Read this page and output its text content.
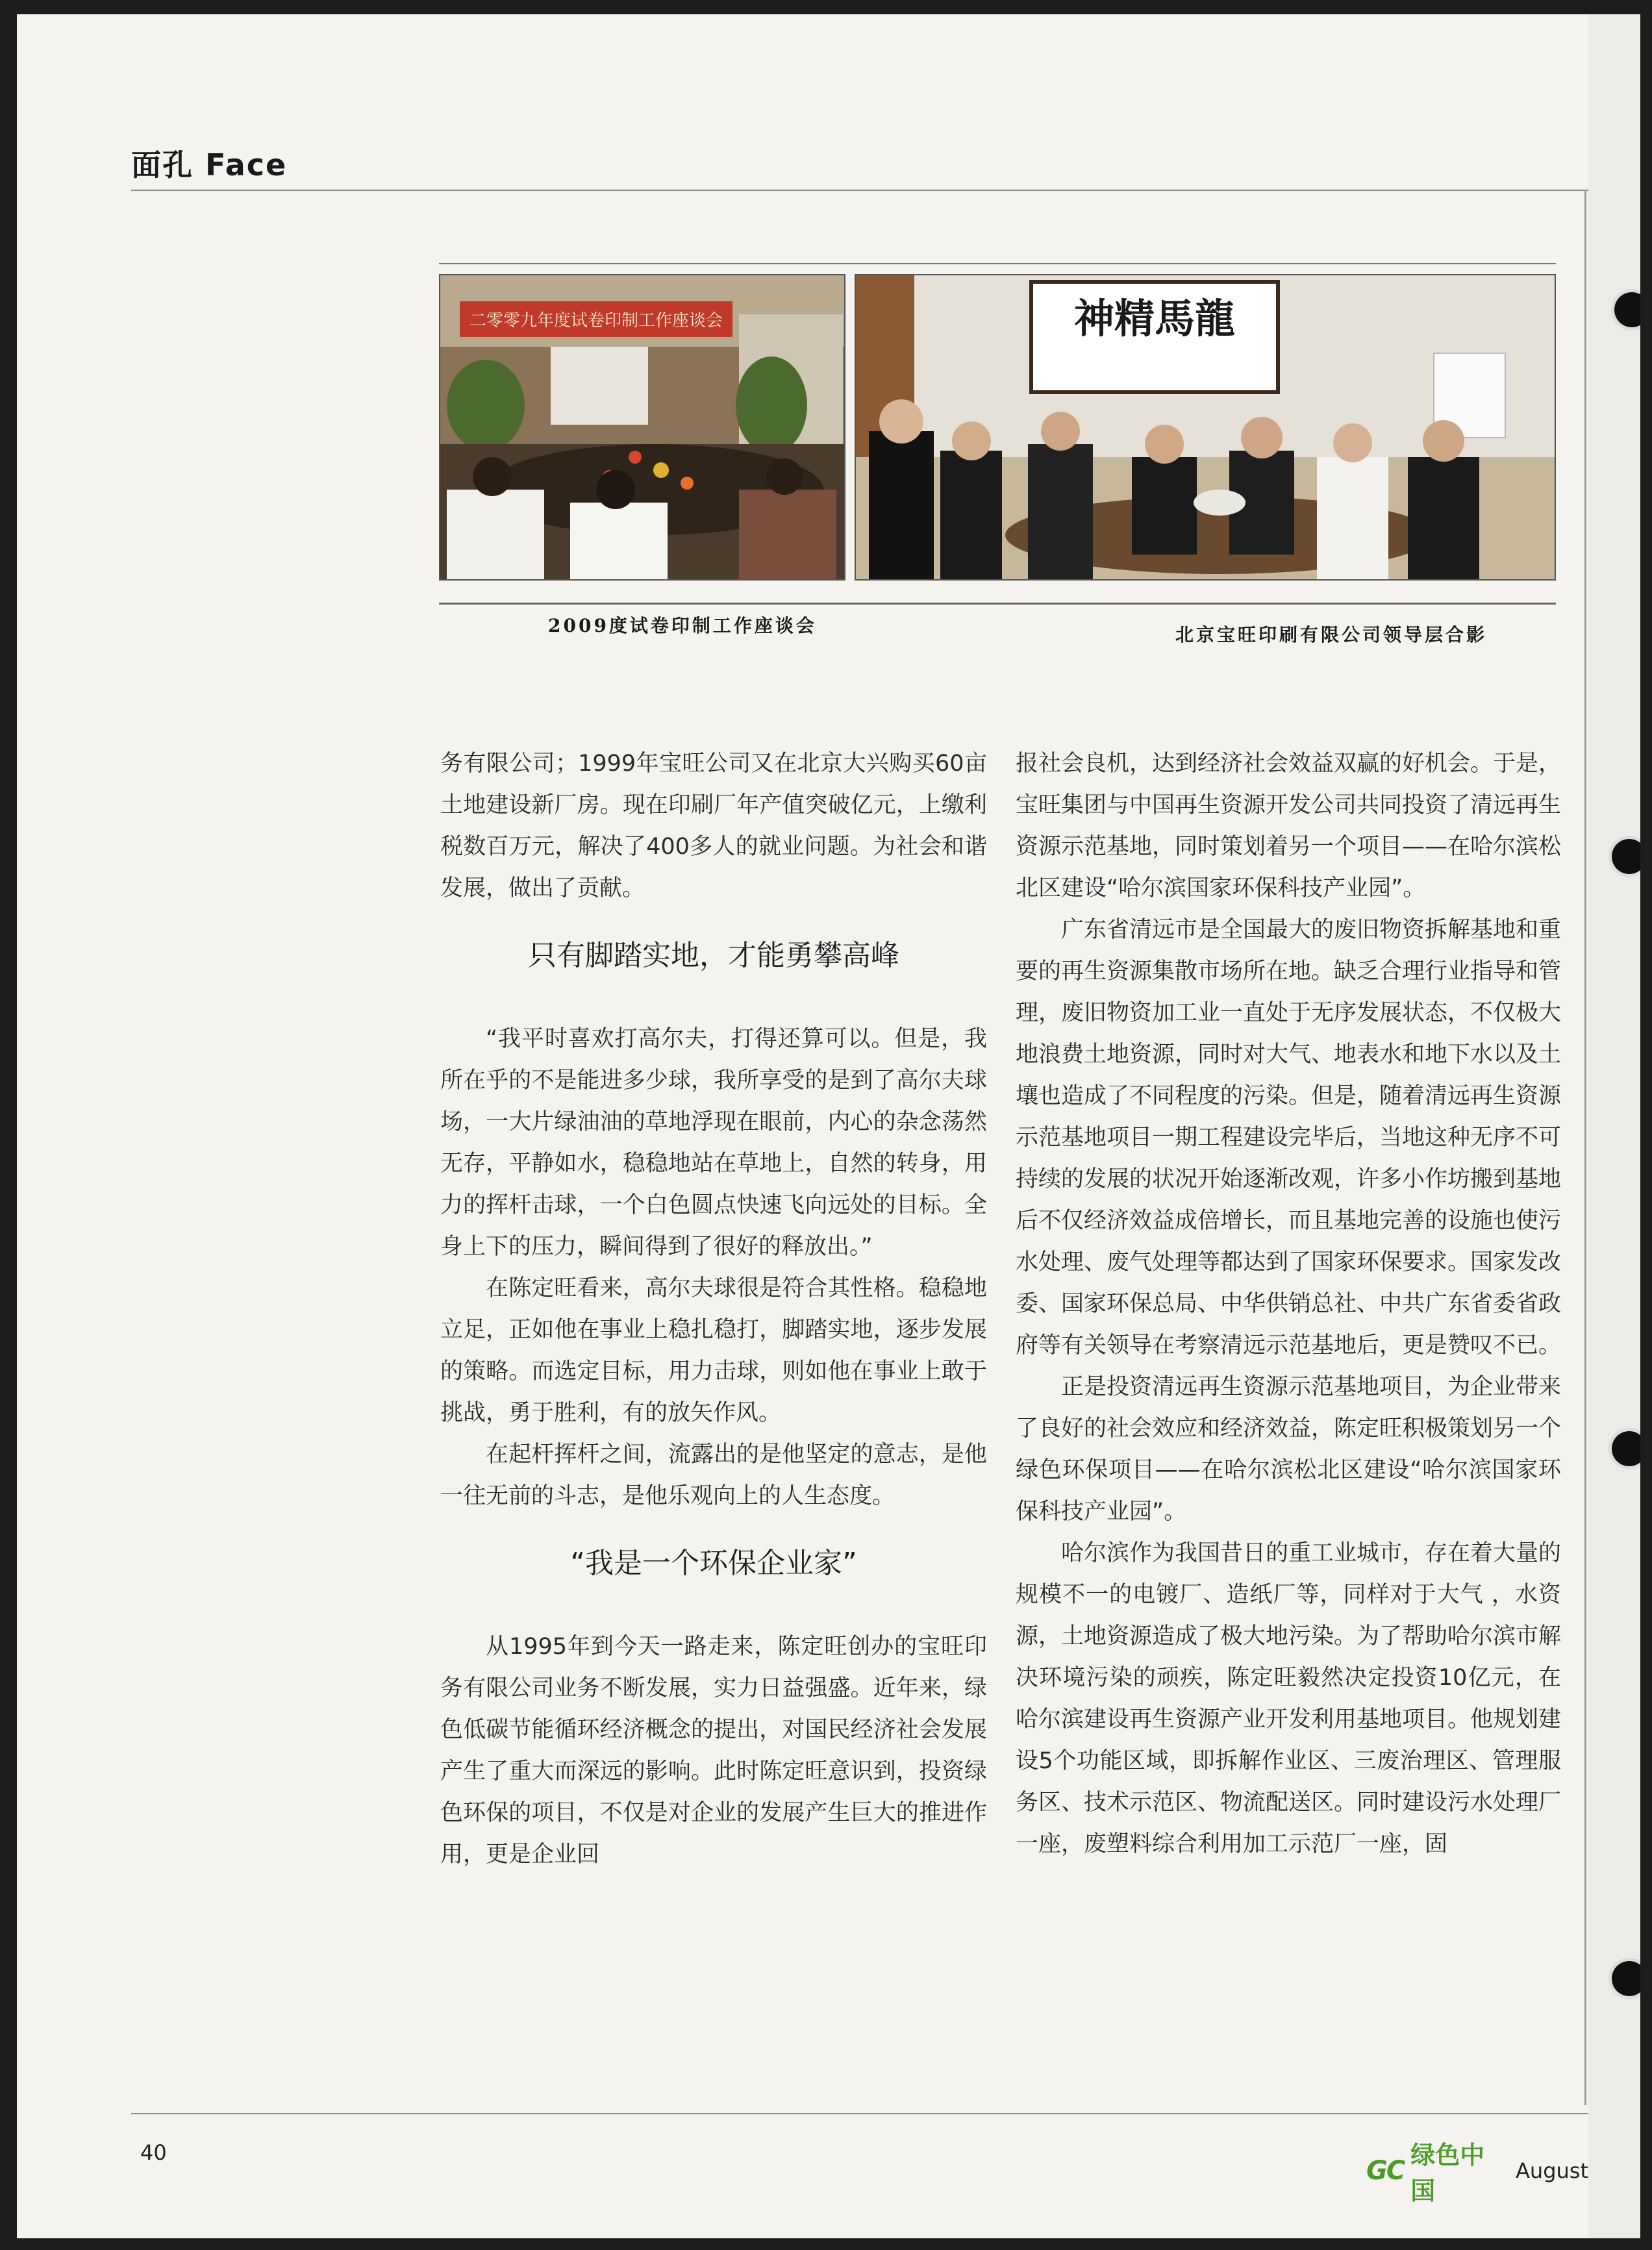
面孔 Face
二零零九年度试卷印制工作座谈会	神精馬龍
2009度试卷印制工作座谈会	北京宝旺印刷有限公司领导层合影

务有限公司；1999年宝旺公司又在北京大兴购买60亩土地建设新厂房。现在印刷厂年产值突破亿元，上缴利税数百万元，解决了400多人的就业问题。为社会和谐发展，做出了贡献。

只有脚踏实地，才能勇攀高峰

“我平时喜欢打高尔夫，打得还算可以。但是，我所在乎的不是能进多少球，我所享受的是到了高尔夫球场，一大片绿油油的草地浮现在眼前，内心的杂念荡然无存，平静如水，稳稳地站在草地上，自然的转身，用力的挥杆击球，一个白色圆点快速飞向远处的目标。全身上下的压力，瞬间得到了很好的释放出。”

在陈定旺看来，高尔夫球很是符合其性格。稳稳地立足，正如他在事业上稳扎稳打，脚踏实地，逐步发展的策略。而选定目标，用力击球，则如他在事业上敢于挑战，勇于胜利，有的放矢作风。

在起杆挥杆之间，流露出的是他坚定的意志，是他一往无前的斗志，是他乐观向上的人生态度。

“我是一个环保企业家”

从1995年到今天一路走来，陈定旺创办的宝旺印务有限公司业务不断发展，实力日益强盛。近年来，绿色低碳节能循环经济概念的提出，对国民经济社会发展产生了重大而深远的影响。此时陈定旺意识到，投资绿色环保的项目，不仅是对企业的发展产生巨大的推进作用，更是企业回

报社会良机，达到经济社会效益双赢的好机会。于是，宝旺集团与中国再生资源开发公司共同投资了清远再生资源示范基地，同时策划着另一个项目——在哈尔滨松北区建设“哈尔滨国家环保科技产业园”。

广东省清远市是全国最大的废旧物资拆解基地和重要的再生资源集散市场所在地。缺乏合理行业指导和管理，废旧物资加工业一直处于无序发展状态，不仅极大地浪费土地资源，同时对大气、地表水和地下水以及土壤也造成了不同程度的污染。但是，随着清远再生资源示范基地项目一期工程建设完毕后，当地这种无序不可持续的发展的状况开始逐渐改观，许多小作坊搬到基地后不仅经济效益成倍增长，而且基地完善的设施也使污水处理、废气处理等都达到了国家环保要求。国家发改委、国家环保总局、中华供销总社、中共广东省委省政府等有关领导在考察清远示范基地后，更是赞叹不已。

正是投资清远再生资源示范基地项目，为企业带来了良好的社会效应和经济效益，陈定旺积极策划另一个绿色环保项目——在哈尔滨松北区建设“哈尔滨国家环保科技产业园”。

哈尔滨作为我国昔日的重工业城市，存在着大量的规模不一的电镀厂、造纸厂等，同样对于大气 ，水资源，土地资源造成了极大地污染。为了帮助哈尔滨市解决环境污染的顽疾，陈定旺毅然决定投资10亿元，在哈尔滨建设再生资源产业开发利用基地项目。他规划建设5个功能区域，即拆解作业区、三废治理区、管理服务区、技术示范区、物流配送区。同时建设污水处理厂一座，废塑料综合利用加工示范厂一座，固

40
GC
绿色中国
August
